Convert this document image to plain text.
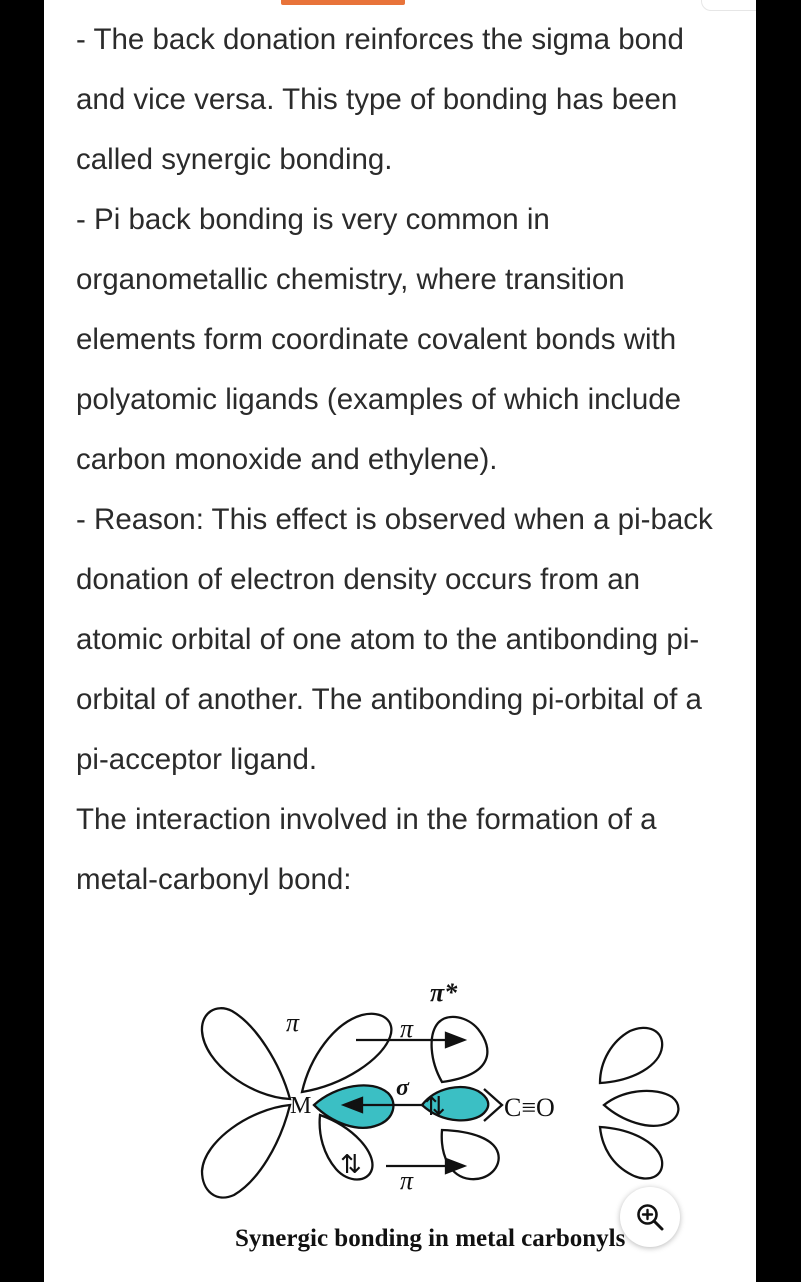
- The back donation reinforces the sigma bond and vice versa. This type of bonding has been called synergic bonding.

- Pi back bonding is very common in organometallic chemistry, where transition elements form coordinate covalent bonds with polyatomic ligands (examples of which include carbon monoxide and ethylene).

- Reason: This effect is observed when a pi-back donation of electron density occurs from an atomic orbital of one atom to the antibonding pi-orbital of another. The antibonding pi-orbital of a pi-acceptor ligand.

The interaction involved in the formation of a metal-carbonyl bond:

M	C≡O
π	π
π
π*
σ
⇅
⇅
Synergic bonding in metal carbonyls
